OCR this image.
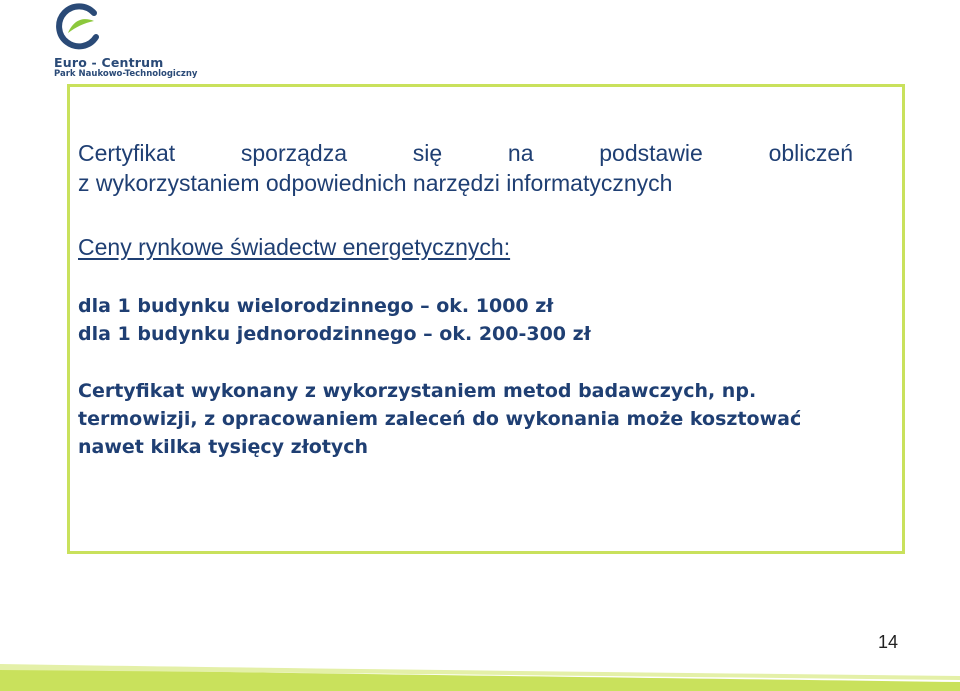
Euro - Centrum
Park Naukowo-Technologiczny
Certyfikat	sporządza	się	na	podstawie	obliczeń
z wykorzystaniem odpowiednich narzędzi informatycznych
Ceny rynkowe świadectw energetycznych:
dla 1 budynku wielorodzinnego – ok. 1000 zł
dla 1 budynku jednorodzinnego – ok. 200-300 zł
Certyfikat wykonany z wykorzystaniem metod badawczych, np.
termowizji, z opracowaniem zaleceń do wykonania może kosztować
nawet kilka tysięcy złotych
14
